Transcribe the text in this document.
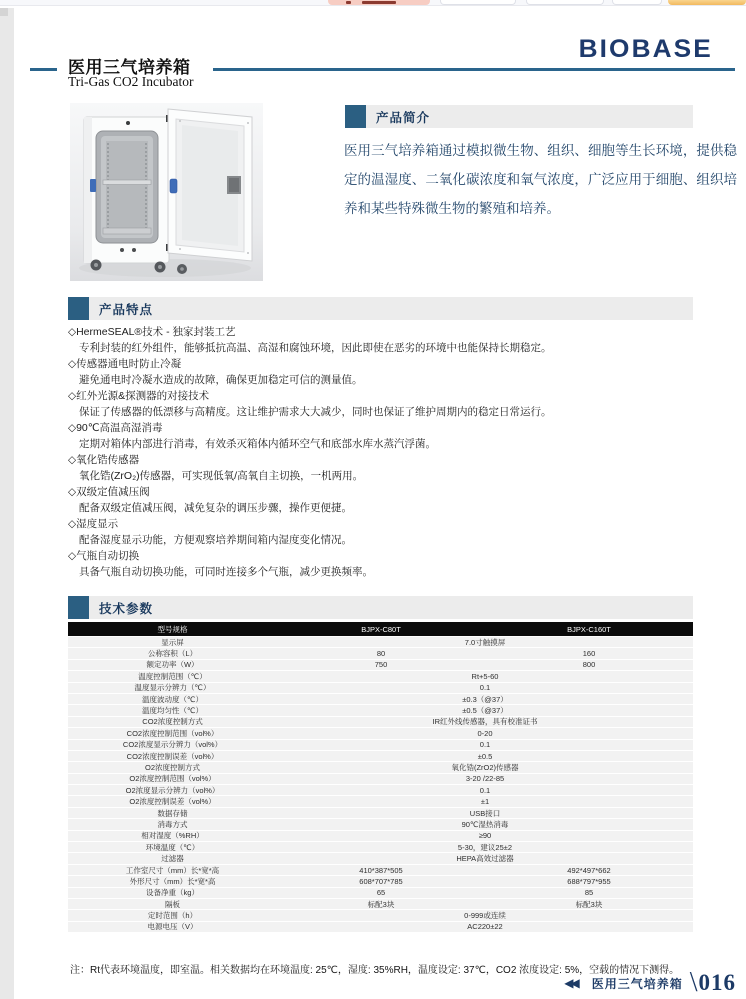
BIOBASE
医用三气培养箱
Tri-Gas CO2 Incubator
产品简介
医用三气培养箱通过模拟微生物、组织、细胞等生长环境，提供稳定的温湿度、二氧化碳浓度和氧气浓度，广泛应用于细胞、组织培养和某些特殊微生物的繁殖和培养。
产品特点
◇HermeSEAL®技术 - 独家封装工艺
专利封装的红外组件，能够抵抗高温、高湿和腐蚀环境，因此即使在恶劣的环境中也能保持长期稳定。
◇传感器通电时防止冷凝
避免通电时冷凝水造成的故障，确保更加稳定可信的测量值。
◇红外光源&探测器的对接技术
保证了传感器的低漂移与高精度。这让维护需求大大减少，同时也保证了维护周期内的稳定日常运行。
◇90℃高温高湿消毒
定期对箱体内部进行消毒，有效杀灭箱体内循环空气和底部水库水蒸汽浮菌。
◇氧化锆传感器
氧化锆(ZrO₂)传感器，可实现低氧/高氧自主切换，一机两用。
◇双级定值减压阀
配备双级定值减压阀，减免复杂的调压步骤，操作更便捷。
◇湿度显示
配备湿度显示功能，方便观察培养期间箱内湿度变化情况。
◇气瓶自动切换
具备气瓶自动切换功能，可同时连接多个气瓶，减少更换频率。
技术参数
型号规格	BJPX-C80T	BJPX-C160T
显示屏	7.0寸触摸屏
公称容积（L）	80	160
额定功率（W）	750	800
温度控制范围（℃）	Rt+5-60
温度显示分辨力（℃）	0.1
温度波动度（℃）	±0.3（@37）
温度均匀性（℃）	±0.5（@37）
CO2浓度控制方式	IR红外线传感器，具有校准证书
CO2浓度控制范围（vol%）	0-20
CO2浓度显示分辨力（vol%）	0.1
CO2浓度控制误差（vol%）	±0.5
O2浓度控制方式	氧化锆(ZrO2)传感器
O2浓度控制范围（vol%）	3-20 /22-85
O2浓度显示分辨力（vol%）	0.1
O2浓度控制误差（vol%）	±1
数据存储	USB接口
消毒方式	90℃湿热消毒
相对湿度（%RH）	≥90
环境温度（℃）	5-30，建议25±2
过滤器	HEPA高效过滤器
工作室尺寸（mm）长*宽*高	410*387*505	492*497*662
外形尺寸（mm）长*宽*高	608*707*785	688*797*955
设备净重（kg）	65	85
隔板	标配3块	标配3块
定时范围（h）	0-999或连续
电源电压（V）	AC220±22
注：Rt代表环境温度，即室温。相关数据均在环境温度: 25℃，湿度: 35%RH，温度设定: 37℃，CO2 浓度设定: 5%，空载的情况下测得。
◀◀ 医用三气培养箱 \ 016
